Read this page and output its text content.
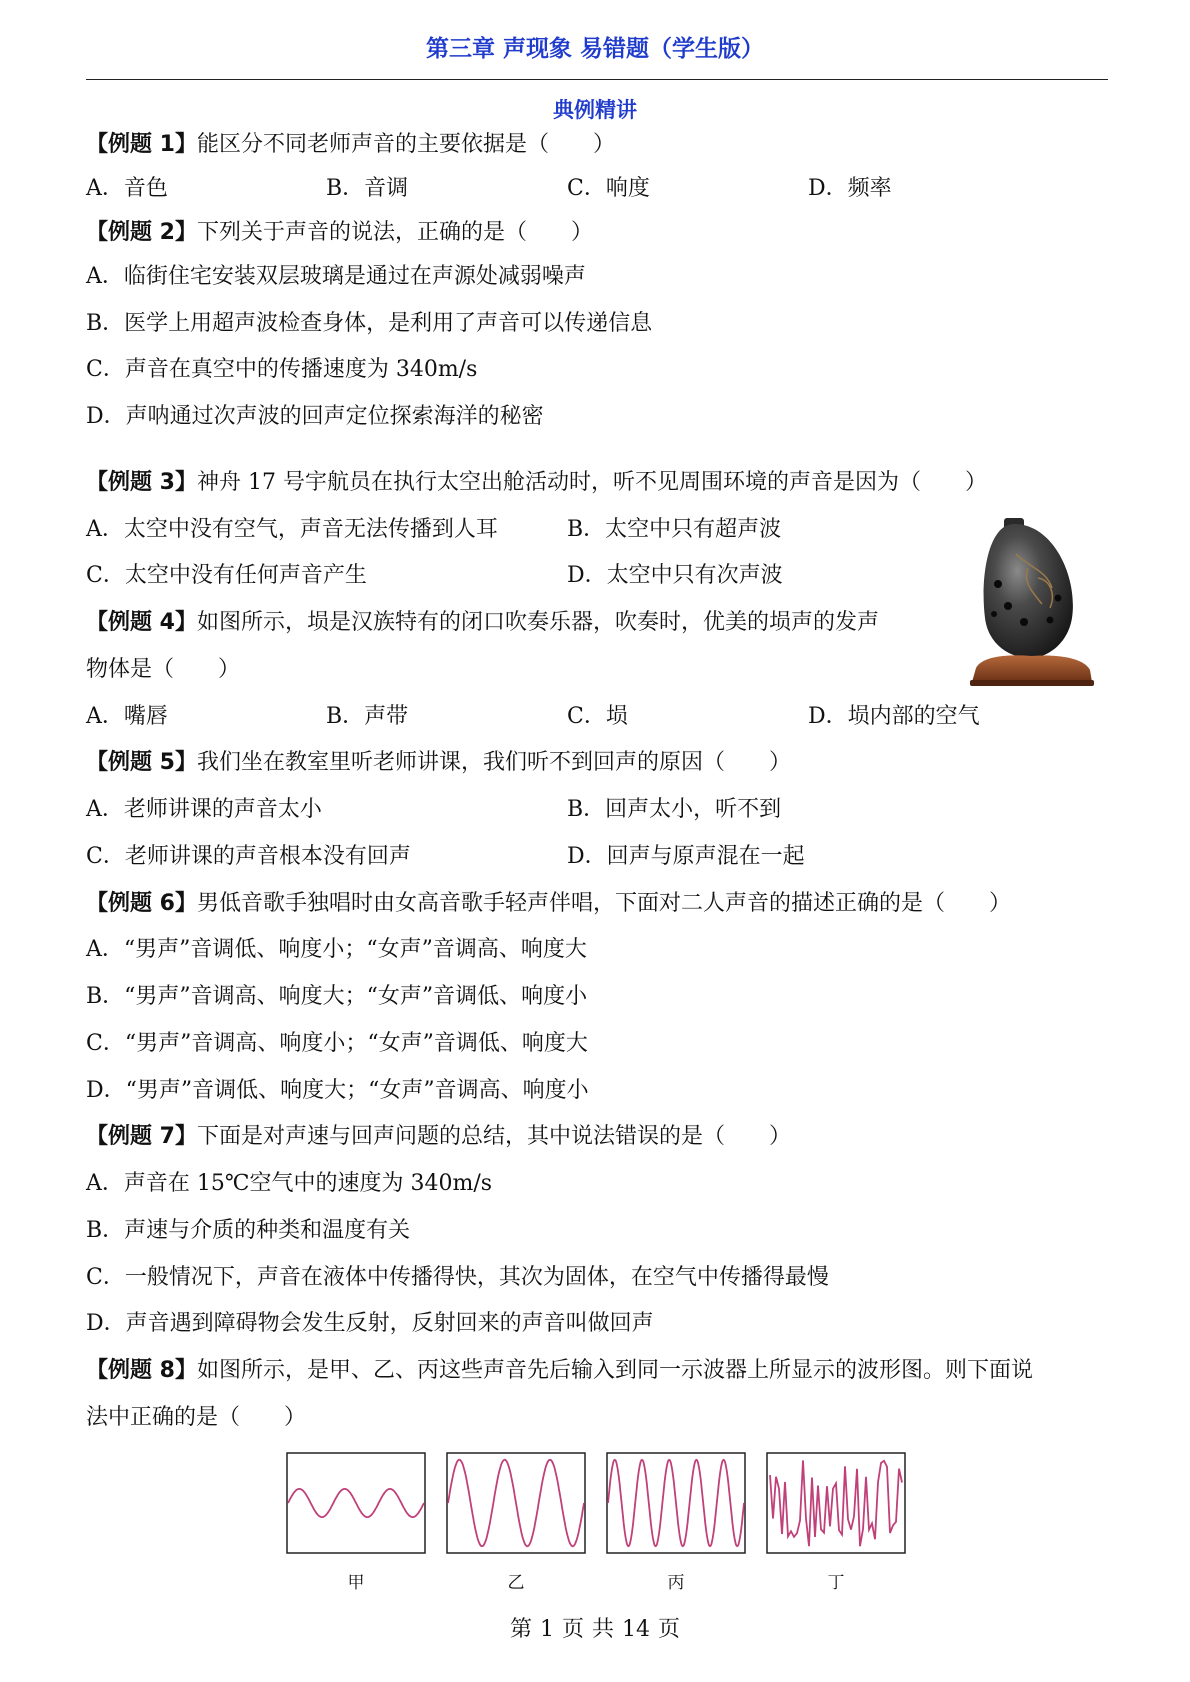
第三章 声现象 易错题（学生版）
典例精讲
【例题 1】能区分不同老师声音的主要依据是（　　）
A．音色	B．音调	C．响度	D．频率
【例题 2】下列关于声音的说法，正确的是（　　）
A．临街住宅安装双层玻璃是通过在声源处减弱噪声
B．医学上用超声波检查身体，是利用了声音可以传递信息
C．声音在真空中的传播速度为 340m/s
D．声呐通过次声波的回声定位探索海洋的秘密
【例题 3】神舟 17 号宇航员在执行太空出舱活动时，听不见周围环境的声音是因为（　　）
A．太空中没有空气，声音无法传播到人耳	B．太空中只有超声波
C．太空中没有任何声音产生	D．太空中只有次声波
【例题 4】如图所示，埙是汉族特有的闭口吹奏乐器，吹奏时，优美的埙声的发声
物体是（　　）
A．嘴唇	B．声带	C．埙	D．埙内部的空气
【例题 5】我们坐在教室里听老师讲课，我们听不到回声的原因（　　）
A．老师讲课的声音太小	B．回声太小，听不到
C．老师讲课的声音根本没有回声	D．回声与原声混在一起
【例题 6】男低音歌手独唱时由女高音歌手轻声伴唱，下面对二人声音的描述正确的是（　　）
A．“男声”音调低、响度小；“女声”音调高、响度大
B．“男声”音调高、响度大；“女声”音调低、响度小
C．“男声”音调高、响度小；“女声”音调低、响度大
D．“男声”音调低、响度大；“女声”音调高、响度小
【例题 7】下面是对声速与回声问题的总结，其中说法错误的是（　　）
A．声音在 15℃空气中的速度为 340m/s
B．声速与介质的种类和温度有关
C．一般情况下，声音在液体中传播得快，其次为固体，在空气中传播得最慢
D．声音遇到障碍物会发生反射，反射回来的声音叫做回声
【例题 8】如图所示，是甲、乙、丙这些声音先后输入到同一示波器上所显示的波形图。则下面说
法中正确的是（　　）
甲	乙	丙	丁
第 1 页 共 14 页
